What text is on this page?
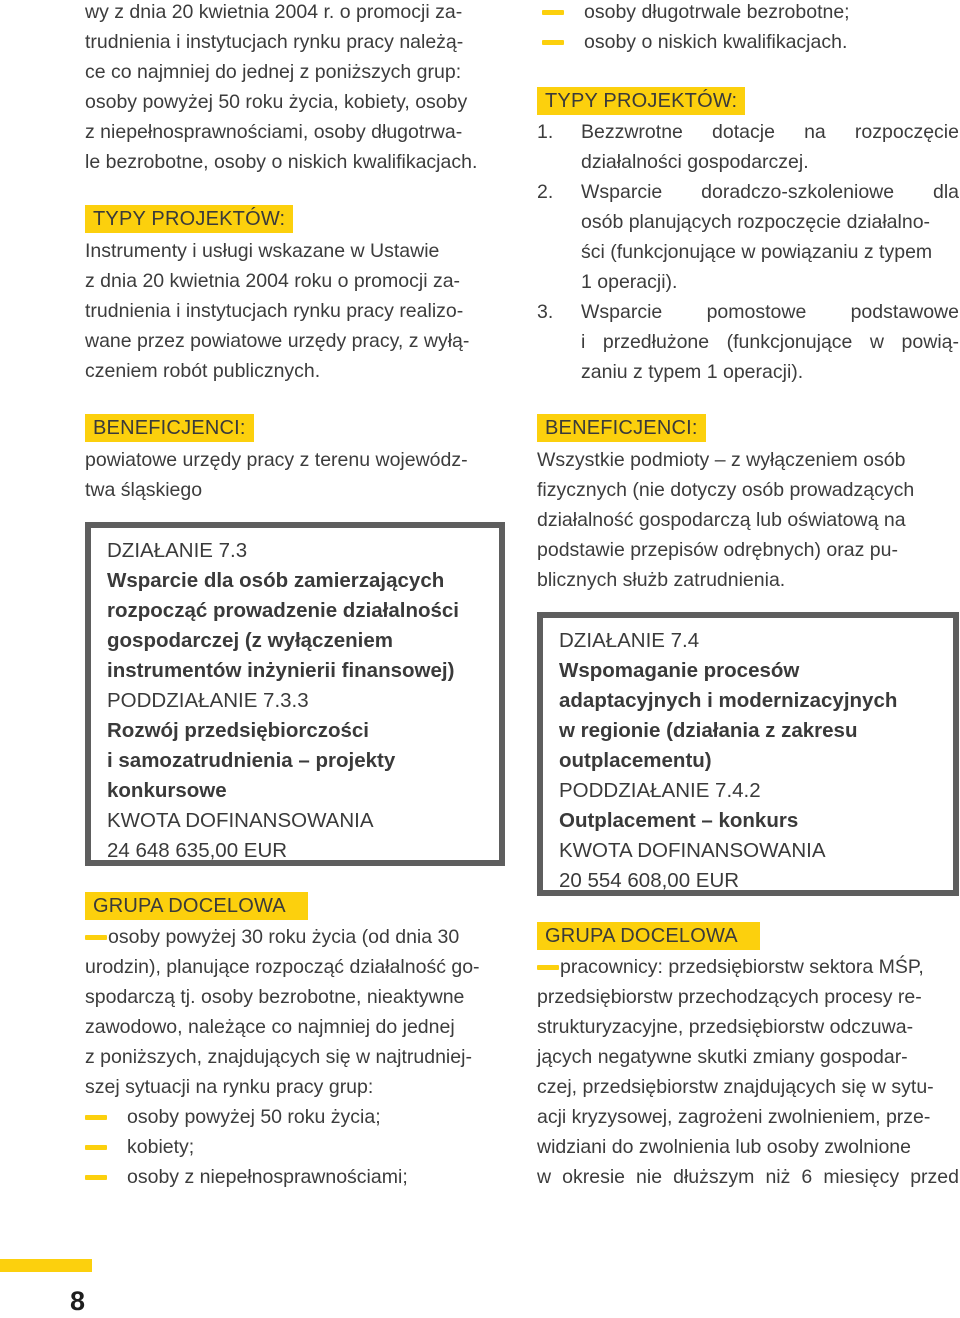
wy z dnia 20 kwietnia 2004 r. o promocji za-

trudnienia i instytucjach rynku pracy należą-

ce co najmniej do jednej z poniższych grup:

osoby powyżej 50 roku życia, kobiety, osoby

z niepełnosprawnościami, osoby długotrwa-

le bezrobotne, osoby o niskich kwalifikacjach.

TYPY PROJEKTÓW:

Instrumenty i usługi wskazane w Ustawie

z dnia 20 kwietnia 2004 roku o promocji za-

trudnienia i instytucjach rynku pracy realizo-

wane przez powiatowe urzędy pracy, z wyłą-

czeniem robót publicznych.

BENEFICJENCI:

powiatowe urzędy pracy z terenu wojewódz-

twa śląskiego

DZIAŁANIE 7.3
Wsparcie dla osób zamierzających
rozpocząć prowadzenie działalności
gospodarczej (z wyłączeniem
instrumentów inżynierii finansowej)
PODDZIAŁANIE 7.3.3
Rozwój przedsiębiorczości
i samozatrudnienia – projekty
konkursowe
KWOTA DOFINANSOWANIA
24 648 635,00 EUR
GRUPA DOCELOWA

osoby powyżej 30 roku życia (od dnia 30

urodzin), planujące rozpocząć działalność go-

spodarczą tj. osoby bezrobotne, nieaktywne

zawodowo, należące co najmniej do jednej

z poniższych, znajdujących się w najtrudniej-

szej sytuacji na rynku pracy grup:

osoby powyżej 50 roku życia;
kobiety;
osoby z niepełnosprawnościami;
osoby długotrwale bezrobotne;
osoby o niskich kwalifikacjach.
TYPY PROJEKTÓW:
1. Bezzwrotne dotacje na rozpoczęcie
działalności gospodarczej.
2. Wsparcie doradczo-szkoleniowe dla
osób planujących rozpoczęcie działalno-
ści (funkcjonujące w powiązaniu z typem
1 operacji).
3. Wsparcie pomostowe podstawowe
i przedłużone (funkcjonujące w powią-
zaniu z typem 1 operacji).
BENEFICJENCI:

Wszystkie podmioty – z wyłączeniem osób

fizycznych (nie dotyczy osób prowadzących

działalność gospodarczą lub oświatową na

podstawie przepisów odrębnych) oraz pu-

blicznych służb zatrudnienia.

DZIAŁANIE 7.4
Wspomaganie procesów
adaptacyjnych i modernizacyjnych
w regionie (działania z zakresu
outplacementu)
PODDZIAŁANIE 7.4.2
Outplacement – konkurs
KWOTA DOFINANSOWANIA
20 554 608,00 EUR
GRUPA DOCELOWA

pracownicy: przedsiębiorstw sektora MŚP,

przedsiębiorstw przechodzących procesy re-

strukturyzacyjne, przedsiębiorstw odczuwa-

jących negatywne skutki zmiany gospodar-

czej, przedsiębiorstw znajdujących się w sytu-

acji kryzysowej, zagrożeni zwolnieniem, prze-

widziani do zwolnienia lub osoby zwolnione

w okresie nie dłuższym niż 6 miesięcy przed

8
